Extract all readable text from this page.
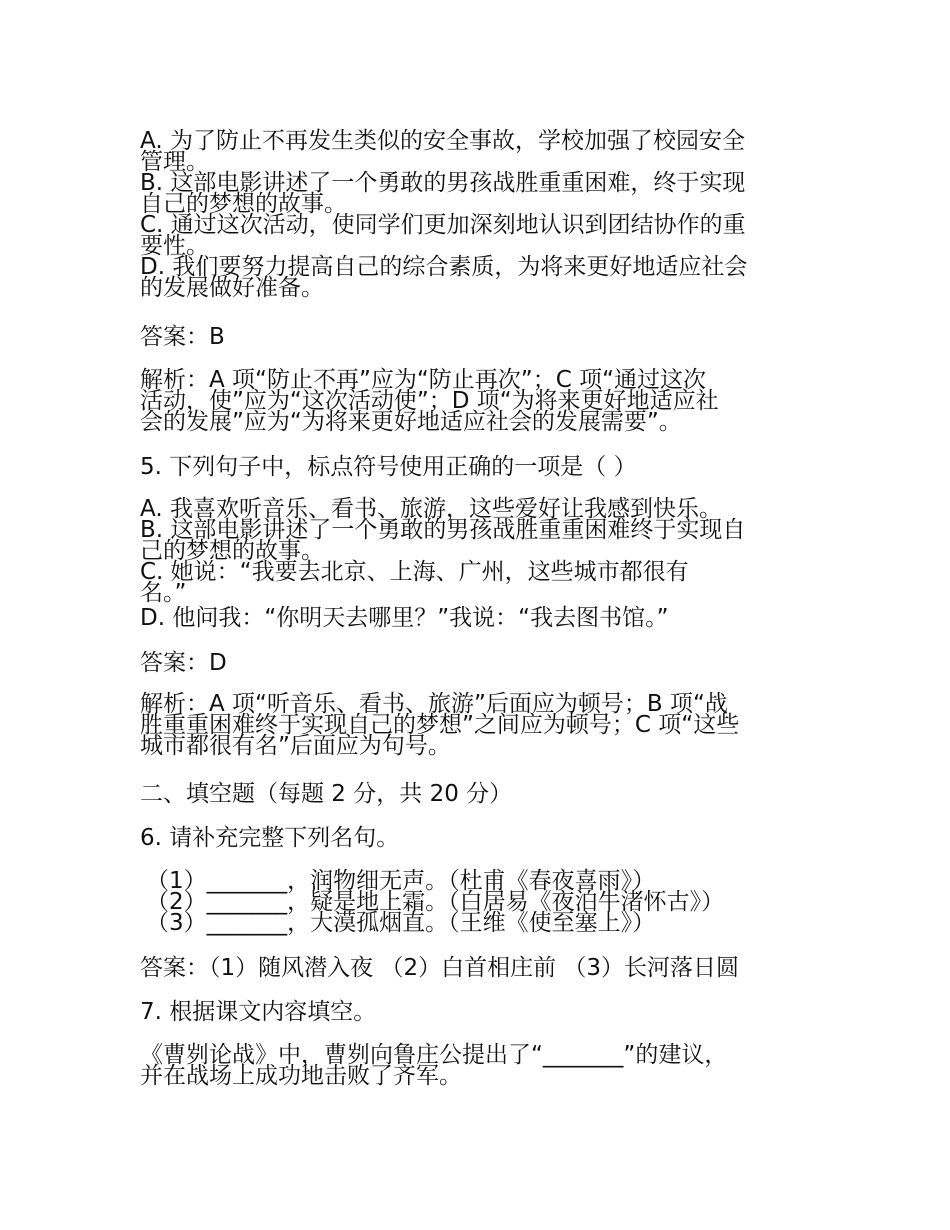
A. 为了防止不再发生类似的安全事故，学校加强了校园安全
管理。
B. 这部电影讲述了一个勇敢的男孩战胜重重困难，终于实现
自己的梦想的故事。
C. 通过这次活动，使同学们更加深刻地认识到团结协作的重
要性。
D. 我们要努力提高自己的综合素质，为将来更好地适应社会
的发展做好准备。
答案：B
解析：A 项“防止不再”应为“防止再次”；C 项“通过这次
活动，使”应为“这次活动使”；D 项“为将来更好地适应社
会的发展”应为“为将来更好地适应社会的发展需要”。
5. 下列句子中，标点符号使用正确的一项是（ ）
A. 我喜欢听音乐、看书、旅游，这些爱好让我感到快乐。
B. 这部电影讲述了一个勇敢的男孩战胜重重困难终于实现自
己的梦想的故事。
C. 她说：“我要去北京、上海、广州，这些城市都很有
名。”
D. 他问我：“你明天去哪里？”我说：“我去图书馆。”
答案：D
解析：A 项“听音乐、看书、旅游”后面应为顿号；B 项“战
胜重重困难终于实现自己的梦想”之间应为顿号；C 项“这些
城市都很有名”后面应为句号。
二、填空题（每题 2 分，共 20 分）
6. 请补充完整下列名句。
（1）_______，润物细无声。（杜甫《春夜喜雨》）
（2）_______，疑是地上霜。（白居易《夜泊牛渚怀古》）
（3）_______，大漠孤烟直。（王维《使至塞上》）
答案：（1）随风潜入夜 （2）白首相庄前 （3）长河落日圆
7. 根据课文内容填空。
《曹刿论战》中，曹刿向鲁庄公提出了“_______”的建议，
并在战场上成功地击败了齐军。
